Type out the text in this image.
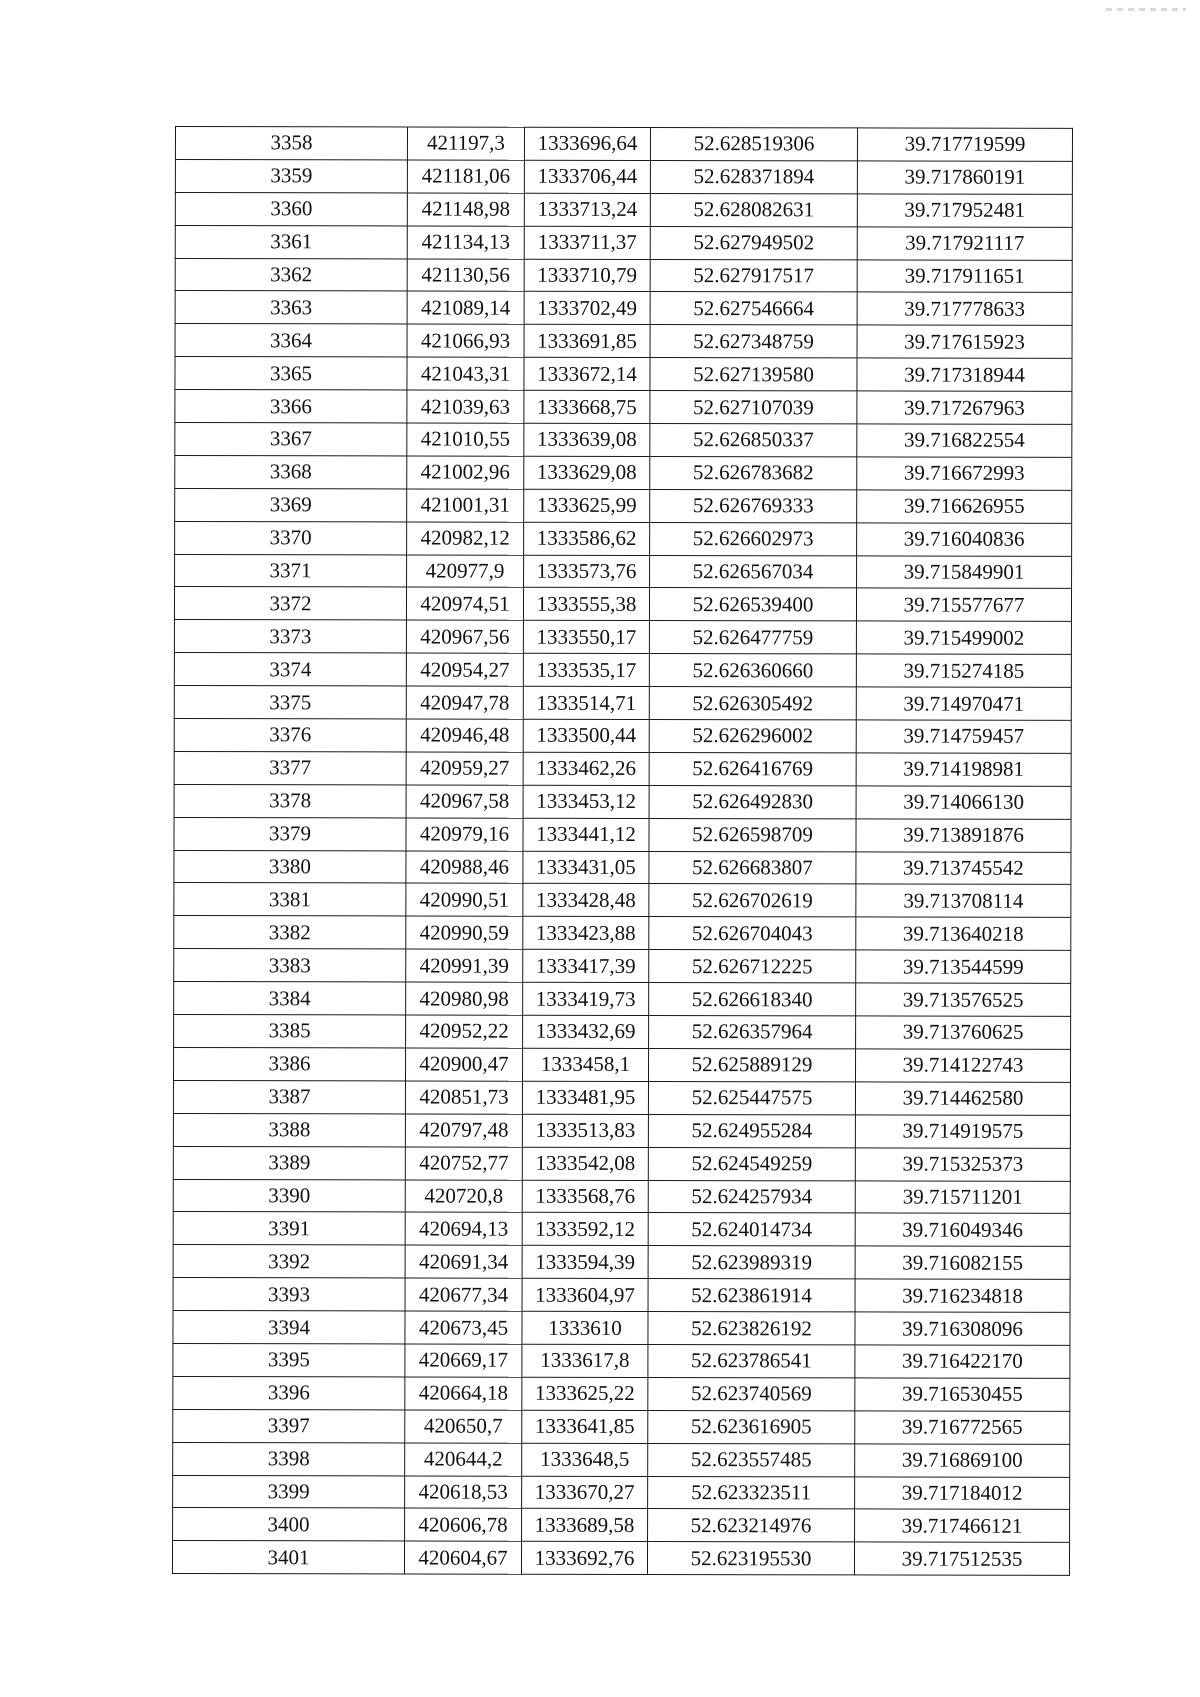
3358	421197,3	1333696,64	52.628519306	39.717719599
3359	421181,06	1333706,44	52.628371894	39.717860191
3360	421148,98	1333713,24	52.628082631	39.717952481
3361	421134,13	1333711,37	52.627949502	39.717921117
3362	421130,56	1333710,79	52.627917517	39.717911651
3363	421089,14	1333702,49	52.627546664	39.717778633
3364	421066,93	1333691,85	52.627348759	39.717615923
3365	421043,31	1333672,14	52.627139580	39.717318944
3366	421039,63	1333668,75	52.627107039	39.717267963
3367	421010,55	1333639,08	52.626850337	39.716822554
3368	421002,96	1333629,08	52.626783682	39.716672993
3369	421001,31	1333625,99	52.626769333	39.716626955
3370	420982,12	1333586,62	52.626602973	39.716040836
3371	420977,9	1333573,76	52.626567034	39.715849901
3372	420974,51	1333555,38	52.626539400	39.715577677
3373	420967,56	1333550,17	52.626477759	39.715499002
3374	420954,27	1333535,17	52.626360660	39.715274185
3375	420947,78	1333514,71	52.626305492	39.714970471
3376	420946,48	1333500,44	52.626296002	39.714759457
3377	420959,27	1333462,26	52.626416769	39.714198981
3378	420967,58	1333453,12	52.626492830	39.714066130
3379	420979,16	1333441,12	52.626598709	39.713891876
3380	420988,46	1333431,05	52.626683807	39.713745542
3381	420990,51	1333428,48	52.626702619	39.713708114
3382	420990,59	1333423,88	52.626704043	39.713640218
3383	420991,39	1333417,39	52.626712225	39.713544599
3384	420980,98	1333419,73	52.626618340	39.713576525
3385	420952,22	1333432,69	52.626357964	39.713760625
3386	420900,47	1333458,1	52.625889129	39.714122743
3387	420851,73	1333481,95	52.625447575	39.714462580
3388	420797,48	1333513,83	52.624955284	39.714919575
3389	420752,77	1333542,08	52.624549259	39.715325373
3390	420720,8	1333568,76	52.624257934	39.715711201
3391	420694,13	1333592,12	52.624014734	39.716049346
3392	420691,34	1333594,39	52.623989319	39.716082155
3393	420677,34	1333604,97	52.623861914	39.716234818
3394	420673,45	1333610	52.623826192	39.716308096
3395	420669,17	1333617,8	52.623786541	39.716422170
3396	420664,18	1333625,22	52.623740569	39.716530455
3397	420650,7	1333641,85	52.623616905	39.716772565
3398	420644,2	1333648,5	52.623557485	39.716869100
3399	420618,53	1333670,27	52.623323511	39.717184012
3400	420606,78	1333689,58	52.623214976	39.717466121
3401	420604,67	1333692,76	52.623195530	39.717512535
